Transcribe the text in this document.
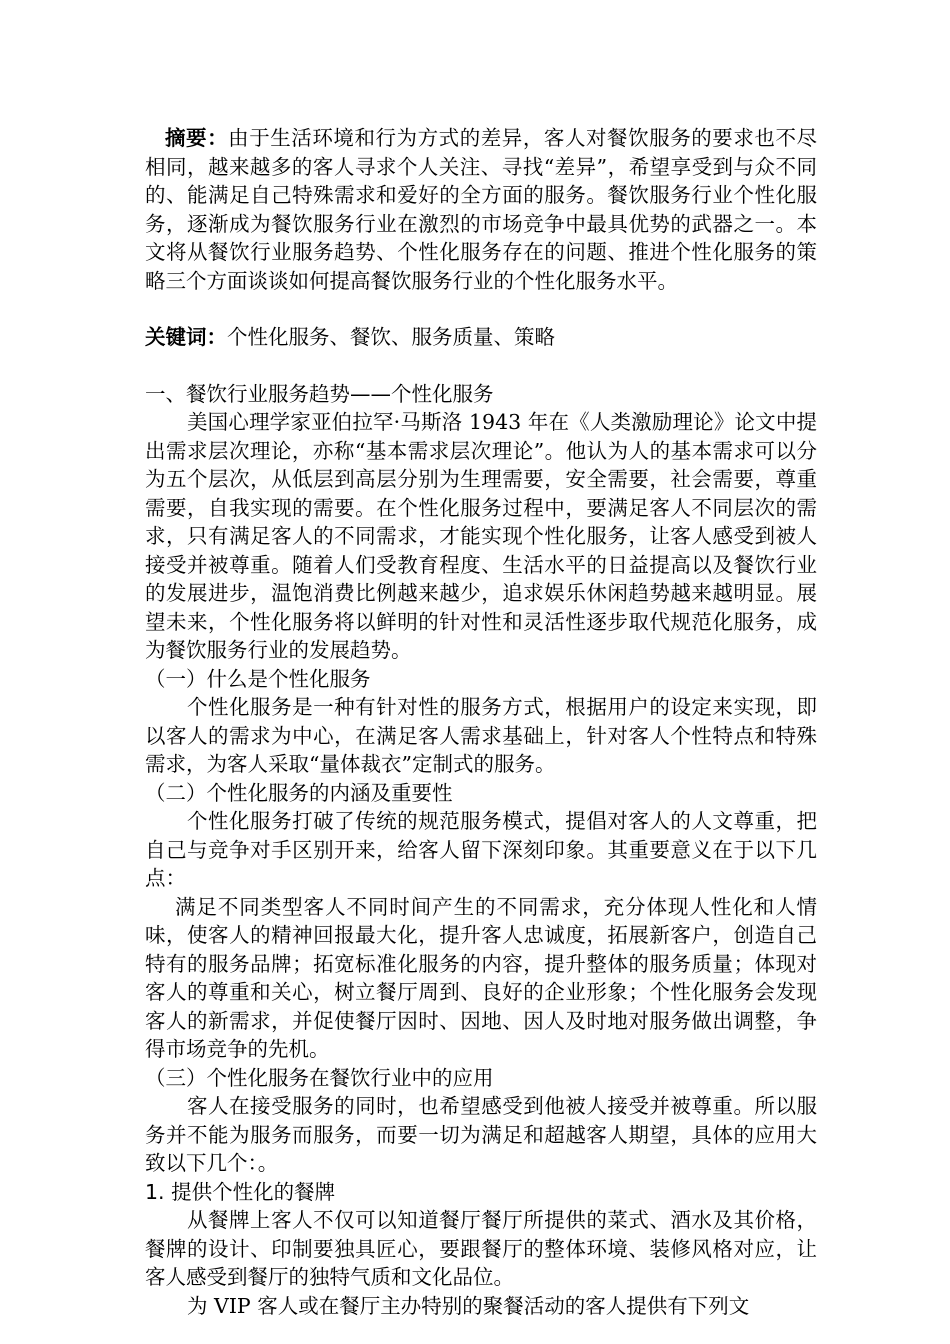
摘要：由于生活环境和行为方式的差异，客人对餐饮服务的要求也不尽相同，越来越多的客人寻求个人关注、寻找“差异”，希望享受到与众不同的、能满足自己特殊需求和爱好的全方面的服务。餐饮服务行业个性化服务，逐渐成为餐饮服务行业在激烈的市场竞争中最具优势的武器之一。本文将从餐饮行业服务趋势、个性化服务存在的问题、推进个性化服务的策略三个方面谈谈如何提高餐饮服务行业的个性化服务水平。

关键词：个性化服务、餐饮、服务质量、策略

一、餐饮行业服务趋势——个性化服务

美国心理学家亚伯拉罕·马斯洛 1943 年在《人类激励理论》论文中提出需求层次理论，亦称“基本需求层次理论”。他认为人的基本需求可以分为五个层次，从低层到高层分别为生理需要，安全需要，社会需要，尊重需要，自我实现的需要。在个性化服务过程中，要满足客人不同层次的需求，只有满足客人的不同需求，才能实现个性化服务，让客人感受到被人接受并被尊重。随着人们受教育程度、生活水平的日益提高以及餐饮行业的发展进步，温饱消费比例越来越少，追求娱乐休闲趋势越来越明显。展望未来，个性化服务将以鲜明的针对性和灵活性逐步取代规范化服务，成为餐饮服务行业的发展趋势。

（一）什么是个性化服务

个性化服务是一种有针对性的服务方式，根据用户的设定来实现，即以客人的需求为中心，在满足客人需求基础上，针对客人个性特点和特殊需求，为客人采取“量体裁衣”定制式的服务。

（二）个性化服务的内涵及重要性

个性化服务打破了传统的规范服务模式，提倡对客人的人文尊重，把自己与竞争对手区别开来，给客人留下深刻印象。其重要意义在于以下几点：

满足不同类型客人不同时间产生的不同需求，充分体现人性化和人情味，使客人的精神回报最大化，提升客人忠诚度，拓展新客户，创造自己特有的服务品牌；拓宽标准化服务的内容，提升整体的服务质量；体现对客人的尊重和关心，树立餐厅周到、良好的企业形象；个性化服务会发现客人的新需求，并促使餐厅因时、因地、因人及时地对服务做出调整，争得市场竞争的先机。

（三）个性化服务在餐饮行业中的应用

客人在接受服务的同时，也希望感受到他被人接受并被尊重。所以服务并不能为服务而服务，而要一切为满足和超越客人期望，具体的应用大致以下几个：。

1. 提供个性化的餐牌

从餐牌上客人不仅可以知道餐厅餐厅所提供的菜式、酒水及其价格，餐牌的设计、印制要独具匠心，要跟餐厅的整体环境、装修风格对应，让客人感受到餐厅的独特气质和文化品位。

为 VIP 客人或在餐厅主办特别的聚餐活动的客人提供有下列文
